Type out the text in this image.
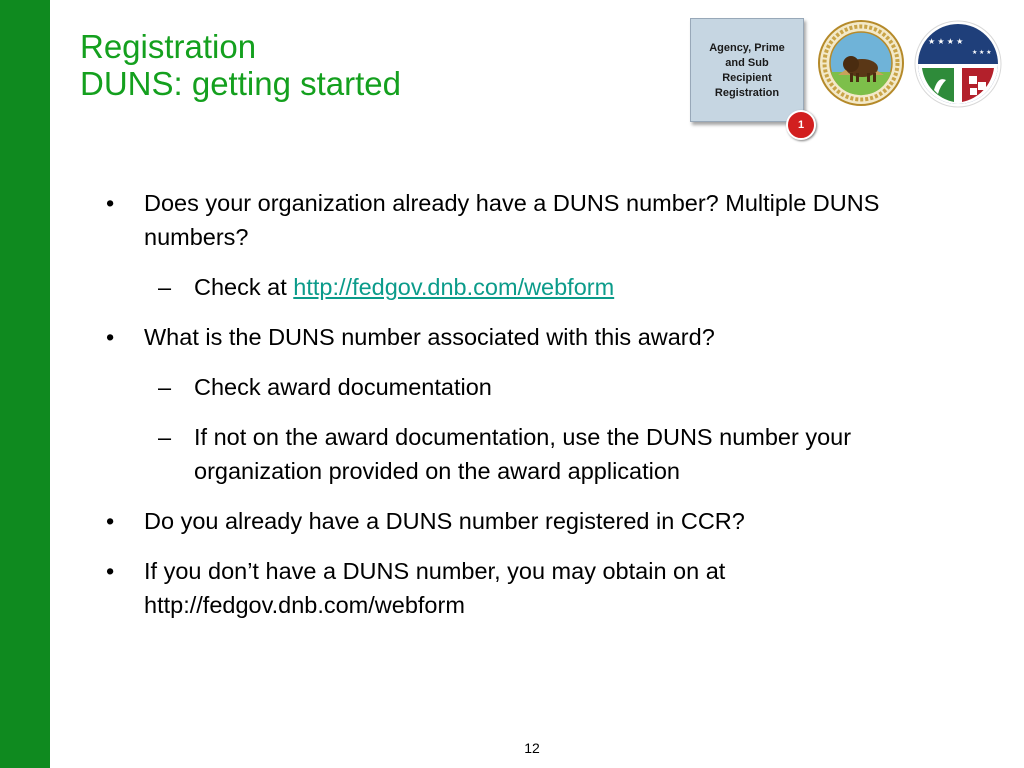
Registration
DUNS: getting started
Agency, Prime
and Sub
Recipient
Registration
1
★ ★ ★
★ ★ ★ ★
• Does your organization already have a DUNS number? Multiple DUNS numbers?
– Check at http://fedgov.dnb.com/webform
• What is the DUNS number associated with this award?
– Check award documentation
– If not on the award documentation, use the DUNS number your organization provided on the award application
• Do you already have a DUNS number registered in CCR?
• If you don’t have a DUNS number, you may obtain on at http://fedgov.dnb.com/webform
12
